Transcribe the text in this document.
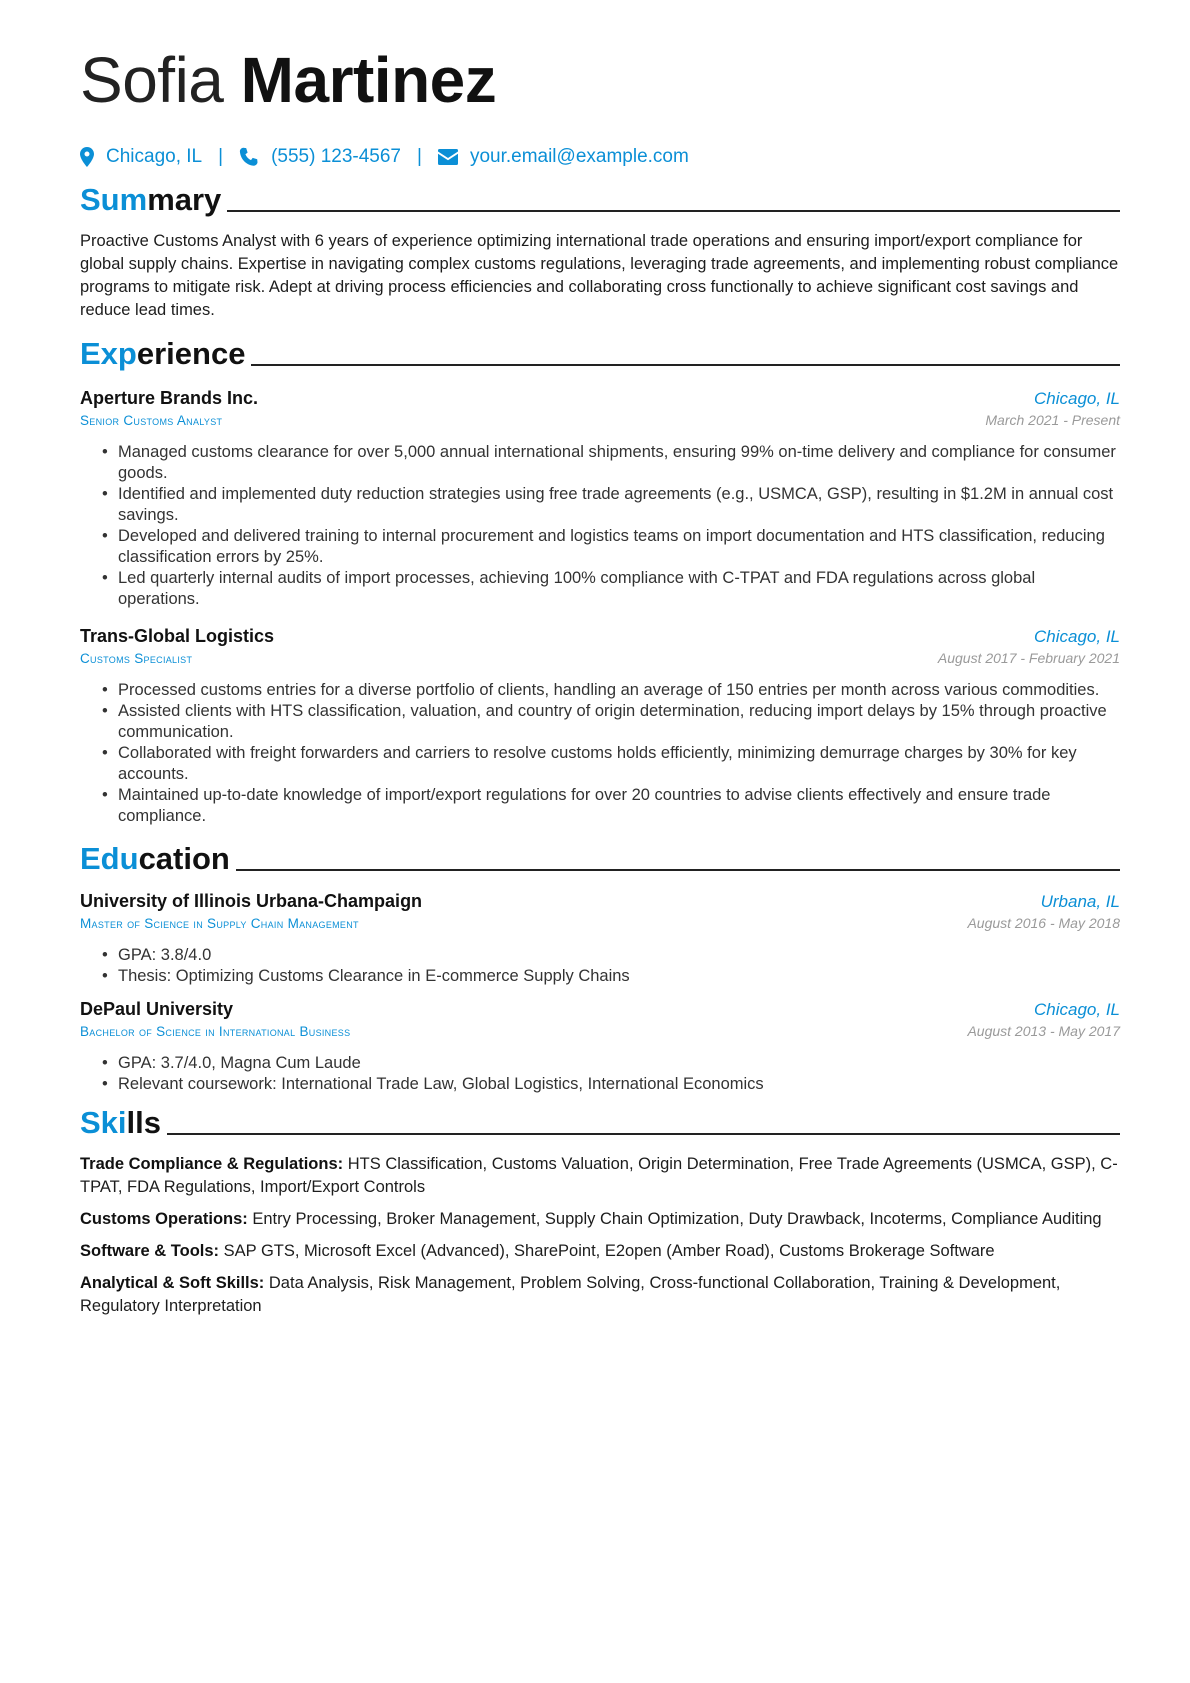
Sofia Martinez
Chicago, IL |	(555) 123-4567 |	your.email@example.com
Summary
Proactive Customs Analyst with 6 years of experience optimizing international trade operations and ensuring import/export compliance for global supply chains. Expertise in navigating complex customs regulations, leveraging trade agreements, and implementing robust compliance programs to mitigate risk. Adept at driving process efficiencies and collaborating cross functionally to achieve significant cost savings and reduce lead times.
Experience
Aperture Brands Inc.	Chicago, IL
Senior Customs Analyst	March 2021 - Present
• Managed customs clearance for over 5,000 annual international shipments, ensuring 99% on-time delivery and compliance for consumer goods.
• Identified and implemented duty reduction strategies using free trade agreements (e.g., USMCA, GSP), resulting in $1.2M in annual cost savings.
• Developed and delivered training to internal procurement and logistics teams on import documentation and HTS classification, reducing classification errors by 25%.
• Led quarterly internal audits of import processes, achieving 100% compliance with C-TPAT and FDA regulations across global operations.
Trans-Global Logistics	Chicago, IL
Customs Specialist	August 2017 - February 2021
• Processed customs entries for a diverse portfolio of clients, handling an average of 150 entries per month across various commodities.
• Assisted clients with HTS classification, valuation, and country of origin determination, reducing import delays by 15% through proactive communication.
• Collaborated with freight forwarders and carriers to resolve customs holds efficiently, minimizing demurrage charges by 30% for key accounts.
• Maintained up-to-date knowledge of import/export regulations for over 20 countries to advise clients effectively and ensure trade compliance.
Education
University of Illinois Urbana-Champaign	Urbana, IL
Master of Science in Supply Chain Management	August 2016 - May 2018
• GPA: 3.8/4.0
• Thesis: Optimizing Customs Clearance in E-commerce Supply Chains
DePaul University	Chicago, IL
Bachelor of Science in International Business	August 2013 - May 2017
• GPA: 3.7/4.0, Magna Cum Laude
• Relevant coursework: International Trade Law, Global Logistics, International Economics
Skills
Trade Compliance & Regulations: HTS Classification, Customs Valuation, Origin Determination, Free Trade Agreements (USMCA, GSP), C-TPAT, FDA Regulations, Import/Export Controls
Customs Operations: Entry Processing, Broker Management, Supply Chain Optimization, Duty Drawback, Incoterms, Compliance Auditing
Software & Tools: SAP GTS, Microsoft Excel (Advanced), SharePoint, E2open (Amber Road), Customs Brokerage Software
Analytical & Soft Skills: Data Analysis, Risk Management, Problem Solving, Cross-functional Collaboration, Training & Development, Regulatory Interpretation
